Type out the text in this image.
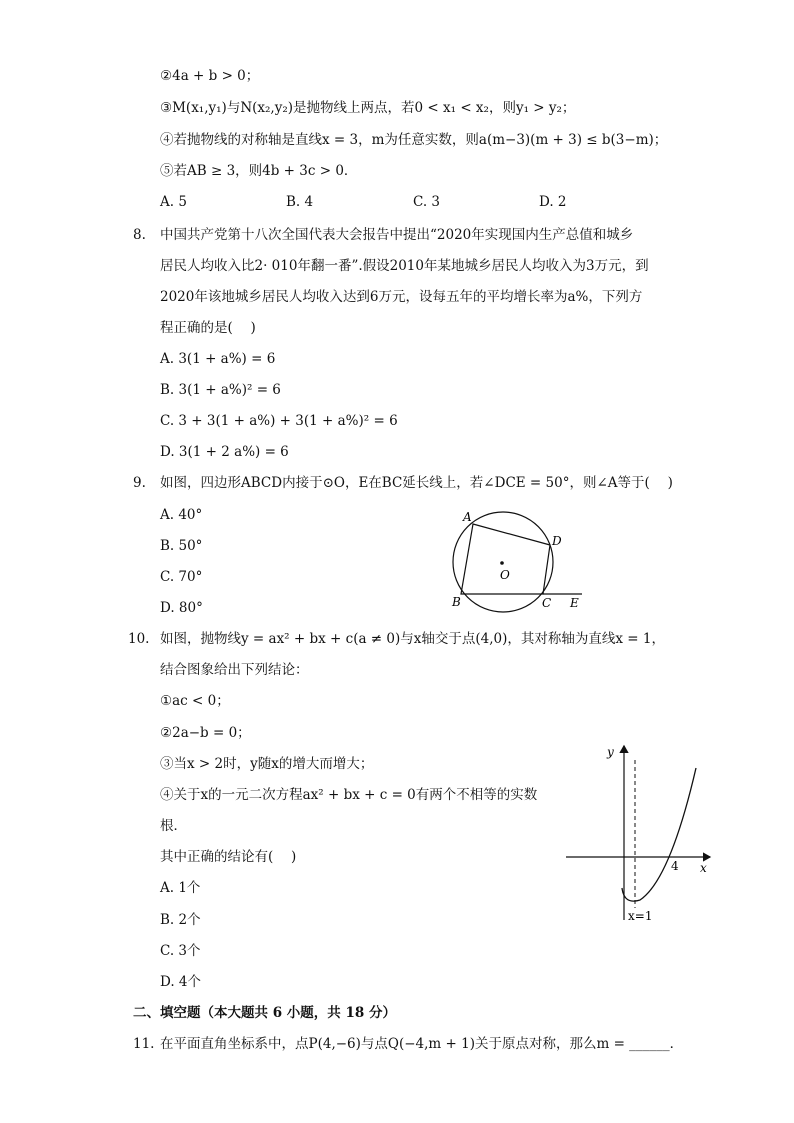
②4a + b > 0；
③M(x₁,y₁)与N(x₂,y₂)是抛物线上两点，若0 < x₁ < x₂，则y₁ > y₂；
④若抛物线的对称轴是直线x = 3，m为任意实数，则a(m−3)(m + 3) ≤ b(3−m)；
⑤若AB ≥ 3，则4b + 3c > 0．
A. 5	B. 4	C. 3	D. 2
8. 中国共产党第十八次全国代表大会报告中提出“2020年实现国内生产总值和城乡
居民人均收入比2· 010年翻一番”.假设2010年某地城乡居民人均收入为3万元，到
2020年该地城乡居民人均收入达到6万元，设每五年的平均增长率为a%，下列方
程正确的是(　 )
A. 3(1 + a%) = 6
B. 3(1 + a%)² = 6
C. 3 + 3(1 + a%) + 3(1 + a%)² = 6
D. 3(1 + 2 a%) = 6
9. 如图，四边形ABCD内接于⊙O，E在BC延长线上，若∠DCE = 50°，则∠A等于(　 )
A. 40°
B. 50°
C. 70°
D. 80°
A
D
O
B	C E
10. 如图，抛物线y = ax² + bx + c(a ≠ 0)与x轴交于点(4,0)，其对称轴为直线x = 1，
结合图象给出下列结论：
①ac < 0；
②2a−b = 0；
③当x > 2时，y随x的增大而增大；
④关于x的一元二次方程ax² + bx + c = 0有两个不相等的实数
根．
其中正确的结论有(　 )
A. 1个
B. 2个
C. 3个
D. 4个
y
x
4
x=1
二、填空题（本大题共 6 小题，共 18 分）
11. 在平面直角坐标系中，点P(4,−6)与点Q(−4,m + 1)关于原点对称，那么m = ______．
